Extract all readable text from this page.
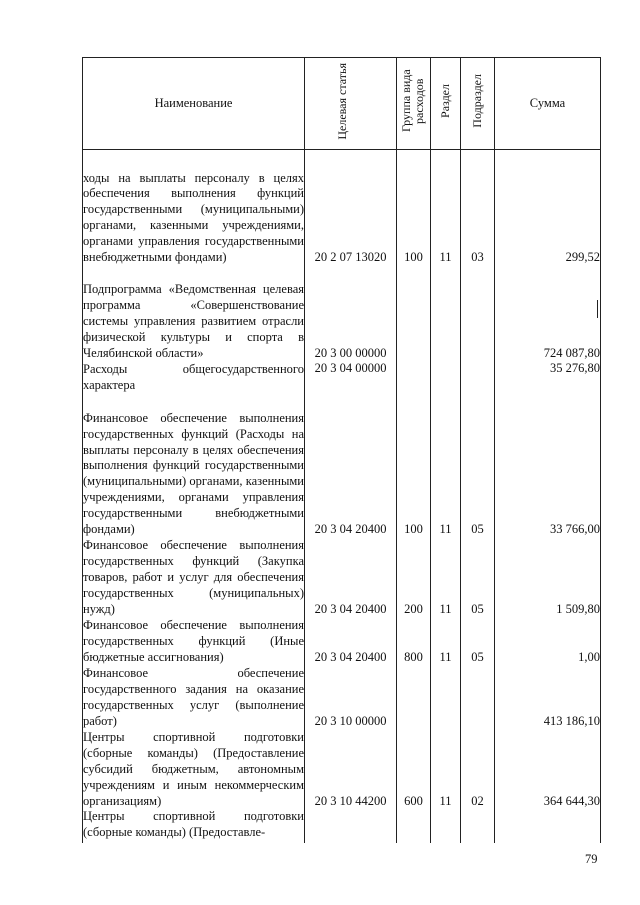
Наименование	Целевая статья	Группа вида расходов	Раздел	Подраздел	Сумма
ходы на выплаты персоналу в целях обеспечения выполнения функций государственными (муниципальными) органами, казенными учреждениями, органами управления государственными внебюджетными фондами)	20 2 07 13020	100	11	03	299,52
Подпрограмма «Ведомственная целевая программа «Совершенствование системы управления развитием отрасли физической культуры и спорта в Челябинской области»	20 3 00 00000				724 087,80
Расходы общегосударственного характера	20 3 04 00000				35 276,80
Финансовое обеспечение выполнения государственных функций (Расходы на выплаты персоналу в целях обеспечения выполнения функций государственными (муниципальными) органами, казенными учреждениями, органами управления государственными внебюджетными фондами)	20 3 04 20400	100	11	05	33 766,00
Финансовое обеспечение выполнения государственных функций (Закупка товаров, работ и услуг для обеспечения государственных (муниципальных) нужд)	20 3 04 20400	200	11	05	1 509,80
Финансовое обеспечение выполнения государственных функций (Иные бюджетные ассигнования)	20 3 04 20400	800	11	05	1,00
Финансовое обеспечение государственного задания на оказание государственных услуг (выполнение работ)	20 3 10 00000				413 186,10
Центры спортивной подготовки (сборные команды) (Предоставление субсидий бюджетным, автономным учреждениям и иным некоммерческим организациям)	20 3 10 44200	600	11	02	364 644,30
Центры спортивной подготовки (сборные команды) (Предоставле-					
79
